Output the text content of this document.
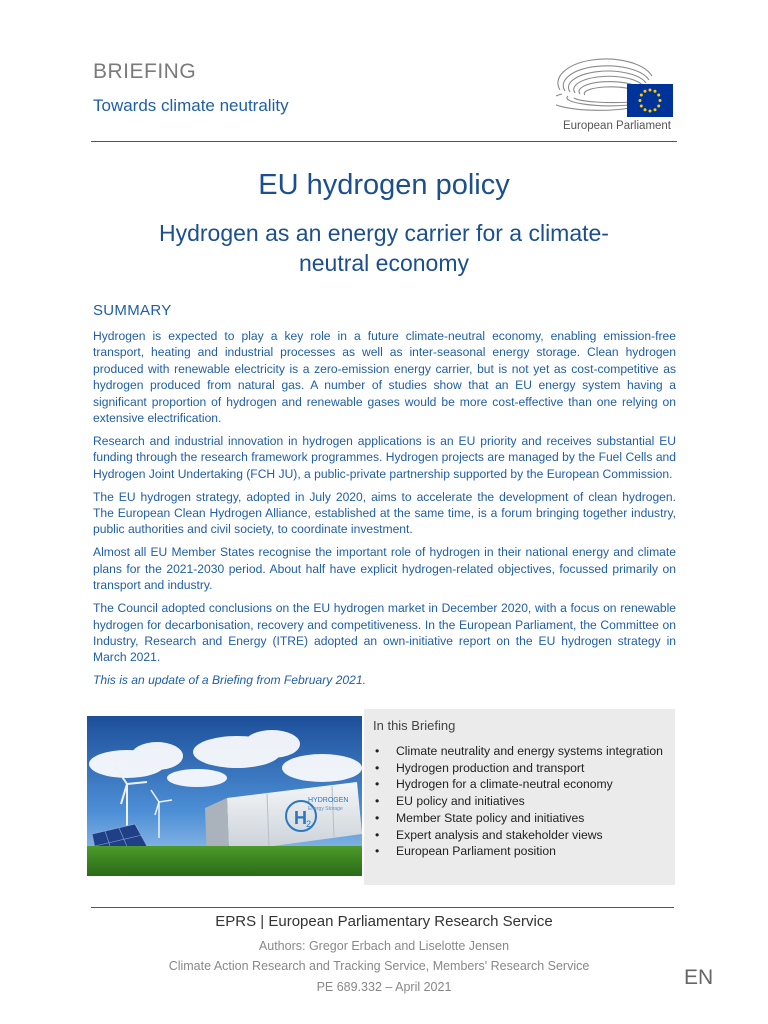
BRIEFING
Towards climate neutrality
European Parliament
EU hydrogen policy
Hydrogen as an energy carrier for a climate-neutral economy
SUMMARY

Hydrogen is expected to play a key role in a future climate-neutral economy, enabling emission-free transport, heating and industrial processes as well as inter-seasonal energy storage. Clean hydrogen produced with renewable electricity is a zero-emission energy carrier, but is not yet as cost-competitive as hydrogen produced from natural gas. A number of studies show that an EU energy system having a significant proportion of hydrogen and renewable gases would be more cost-effective than one relying on extensive electrification.

Research and industrial innovation in hydrogen applications is an EU priority and receives substantial EU funding through the research framework programmes. Hydrogen projects are managed by the Fuel Cells and Hydrogen Joint Undertaking (FCH JU), a public-private partnership supported by the European Commission.

The EU hydrogen strategy, adopted in July 2020, aims to accelerate the development of clean hydrogen. The European Clean Hydrogen Alliance, established at the same time, is a forum bringing together industry, public authorities and civil society, to coordinate investment.

Almost all EU Member States recognise the important role of hydrogen in their national energy and climate plans for the 2021-2030 period. About half have explicit hydrogen-related objectives, focussed primarily on transport and industry.

The Council adopted conclusions on the EU hydrogen market in December 2020, with a focus on renewable hydrogen for decarbonisation, recovery and competitiveness. In the European Parliament, the Committee on Industry, Research and Energy (ITRE) adopted an own-initiative report on the EU hydrogen strategy in March 2021.

This is an update of a Briefing from February 2021.

H 2
HYDROGEN
Energy Storage
In this Briefing
• Climate neutrality and energy systems integration
• Hydrogen production and transport
• Hydrogen for a climate-neutral economy
• EU policy and initiatives
• Member State policy and initiatives
• Expert analysis and stakeholder views
• European Parliament position
EPRS | European Parliamentary Research Service
Authors: Gregor Erbach and Liselotte Jensen
Climate Action Research and Tracking Service, Members' Research Service
PE 689.332 – April 2021	EN
